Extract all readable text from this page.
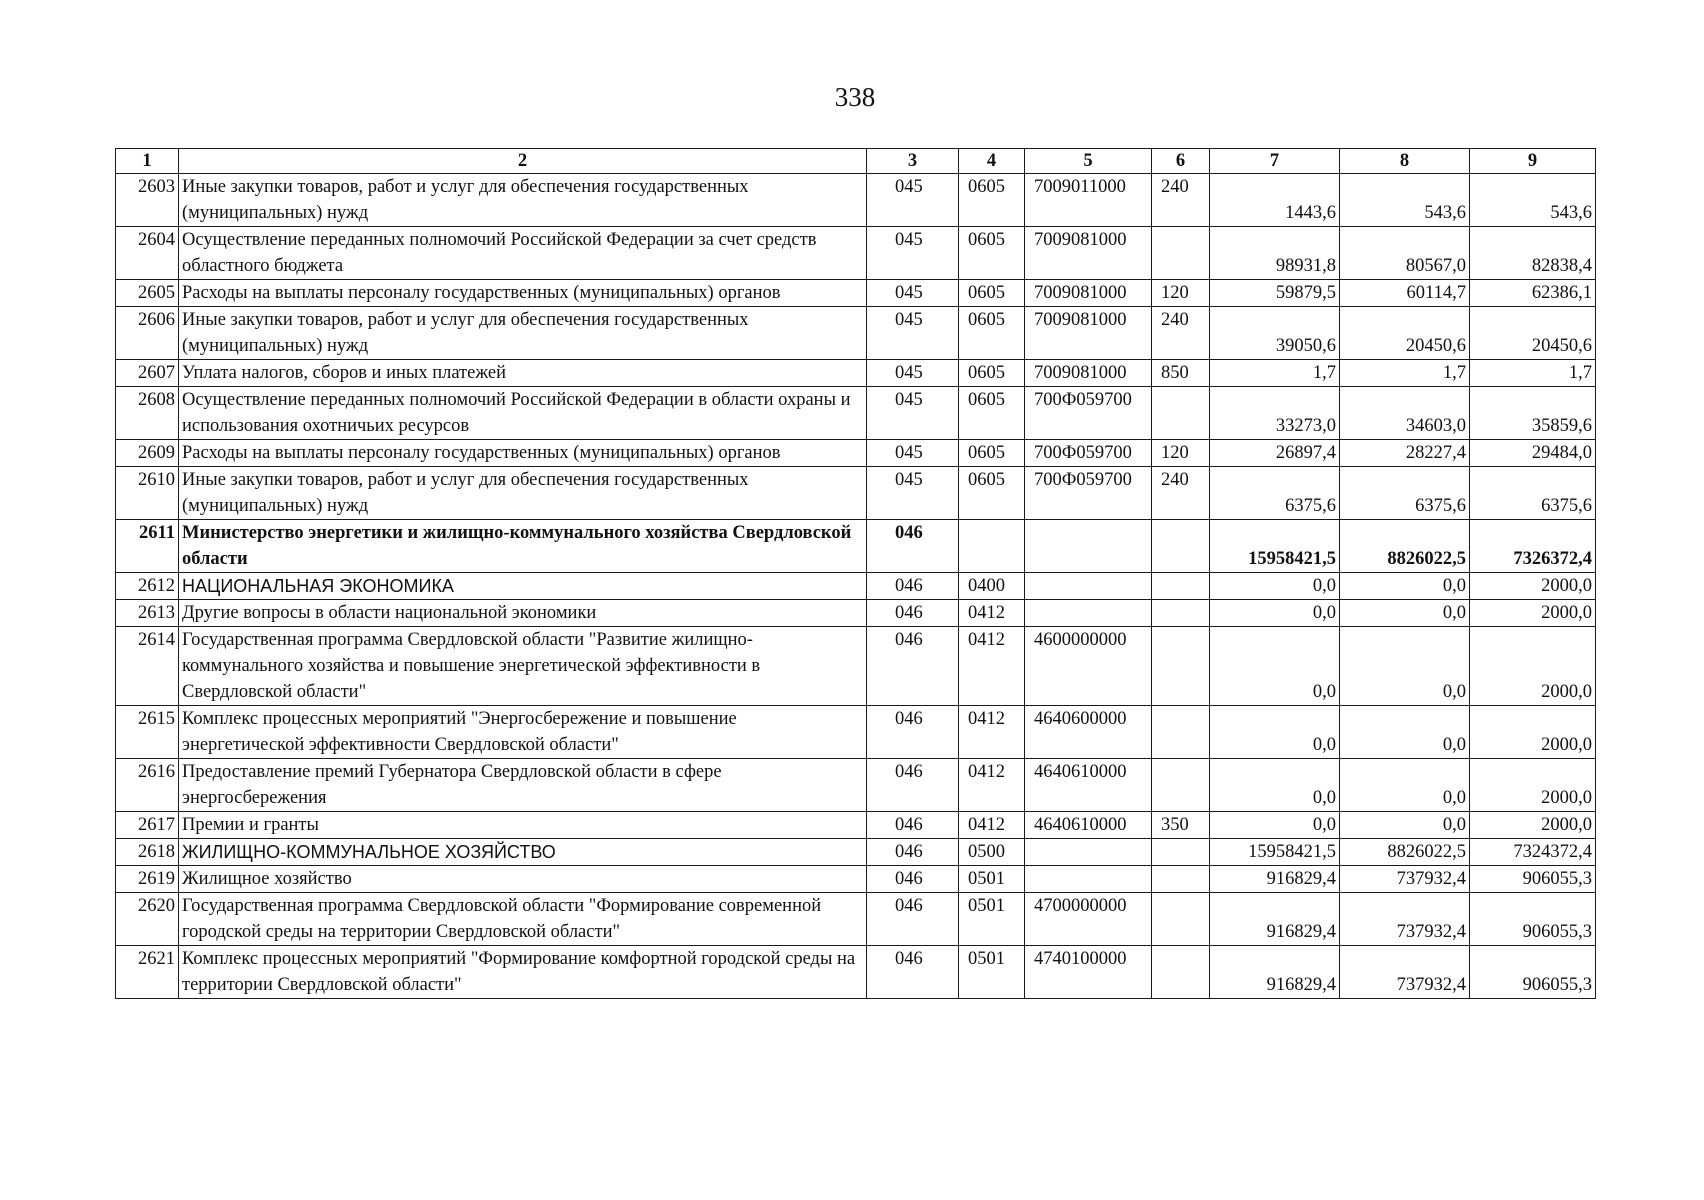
338
1	2	3	4	5	6	7	8	9
2603	Иные закупки товаров, работ и услуг для обеспечения государственных (муниципальных) нужд	045	0605	7009011000	240	1443,6	543,6	543,6
2604	Осуществление переданных полномочий Российской Федерации за счет средств областного бюджета	045	0605	7009081000		98931,8	80567,0	82838,4
2605	Расходы на выплаты персоналу государственных (муниципальных) органов	045	0605	7009081000	120	59879,5	60114,7	62386,1
2606	Иные закупки товаров, работ и услуг для обеспечения государственных (муниципальных) нужд	045	0605	7009081000	240	39050,6	20450,6	20450,6
2607	Уплата налогов, сборов и иных платежей	045	0605	7009081000	850	1,7	1,7	1,7
2608	Осуществление переданных полномочий Российской Федерации в области охраны и использования охотничьих ресурсов	045	0605	700Ф059700		33273,0	34603,0	35859,6
2609	Расходы на выплаты персоналу государственных (муниципальных) органов	045	0605	700Ф059700	120	26897,4	28227,4	29484,0
2610	Иные закупки товаров, работ и услуг для обеспечения государственных (муниципальных) нужд	045	0605	700Ф059700	240	6375,6	6375,6	6375,6
2611	Министерство энергетики и жилищно-коммунального хозяйства Свердловской области	046				15958421,5	8826022,5	7326372,4
2612	НАЦИОНАЛЬНАЯ ЭКОНОМИКА	046	0400			0,0	0,0	2000,0
2613	Другие вопросы в области национальной экономики	046	0412			0,0	0,0	2000,0
2614	Государственная программа Свердловской области "Развитие жилищно-коммунального хозяйства и повышение энергетической эффективности в Свердловской области"	046	0412	4600000000		0,0	0,0	2000,0
2615	Комплекс процессных мероприятий "Энергосбережение и повышение энергетической эффективности Свердловской области"	046	0412	4640600000		0,0	0,0	2000,0
2616	Предоставление премий Губернатора Свердловской области в сфере энергосбережения	046	0412	4640610000		0,0	0,0	2000,0
2617	Премии и гранты	046	0412	4640610000	350	0,0	0,0	2000,0
2618	ЖИЛИЩНО-КОММУНАЛЬНОЕ ХОЗЯЙСТВО	046	0500			15958421,5	8826022,5	7324372,4
2619	Жилищное хозяйство	046	0501			916829,4	737932,4	906055,3
2620	Государственная программа Свердловской области "Формирование современной городской среды на территории Свердловской области"	046	0501	4700000000		916829,4	737932,4	906055,3
2621	Комплекс процессных мероприятий "Формирование комфортной городской среды на территории Свердловской области"	046	0501	4740100000		916829,4	737932,4	906055,3
